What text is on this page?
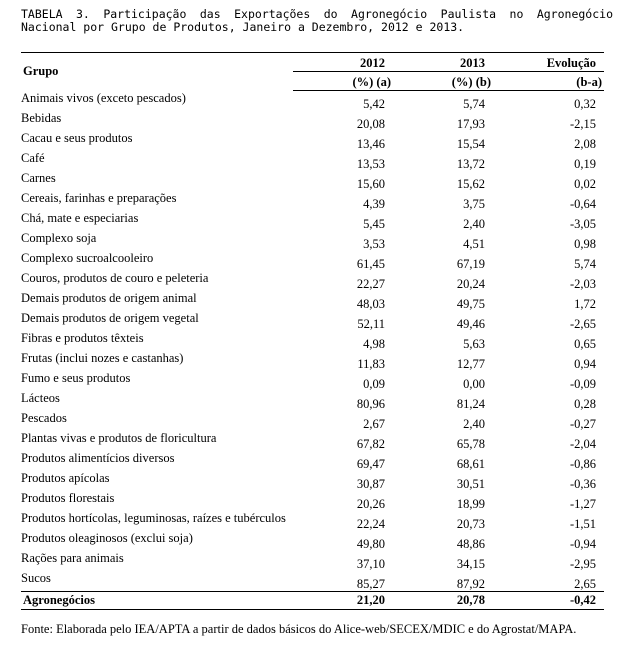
TABELA 3. Participação das Exportações do Agronegócio Paulista no Agronegócio Nacional por Grupo de Produtos, Janeiro a Dezembro, 2012 e 2013.
Grupo	2012	2013	Evolução
	(%) (a)	(%) (b)	(b-a)
Animais vivos (exceto pescados)	5,42	5,74	0,32
Bebidas	20,08	17,93	-2,15
Cacau e seus produtos	13,46	15,54	2,08
Café	13,53	13,72	0,19
Carnes	15,60	15,62	0,02
Cereais, farinhas e preparações	4,39	3,75	-0,64
Chá, mate e especiarias	5,45	2,40	-3,05
Complexo soja	3,53	4,51	0,98
Complexo sucroalcooleiro	61,45	67,19	5,74
Couros, produtos de couro e peleteria	22,27	20,24	-2,03
Demais produtos de origem animal	48,03	49,75	1,72
Demais produtos de origem vegetal	52,11	49,46	-2,65
Fibras e produtos têxteis	4,98	5,63	0,65
Frutas (inclui nozes e castanhas)	11,83	12,77	0,94
Fumo e seus produtos	0,09	0,00	-0,09
Lácteos	80,96	81,24	0,28
Pescados	2,67	2,40	-0,27
Plantas vivas e produtos de floricultura	67,82	65,78	-2,04
Produtos alimentícios diversos	69,47	68,61	-0,86
Produtos apícolas	30,87	30,51	-0,36
Produtos florestais	20,26	18,99	-1,27
Produtos hortícolas, leguminosas, raízes e tubérculos	22,24	20,73	-1,51
Produtos oleaginosos (exclui soja)	49,80	48,86	-0,94
Rações para animais	37,10	34,15	-2,95
Sucos	85,27	87,92	2,65
Agronegócios	21,20	20,78	-0,42
Fonte: Elaborada pelo IEA/APTA a partir de dados básicos do Alice-web/SECEX/MDIC e do Agrostat/MAPA.
